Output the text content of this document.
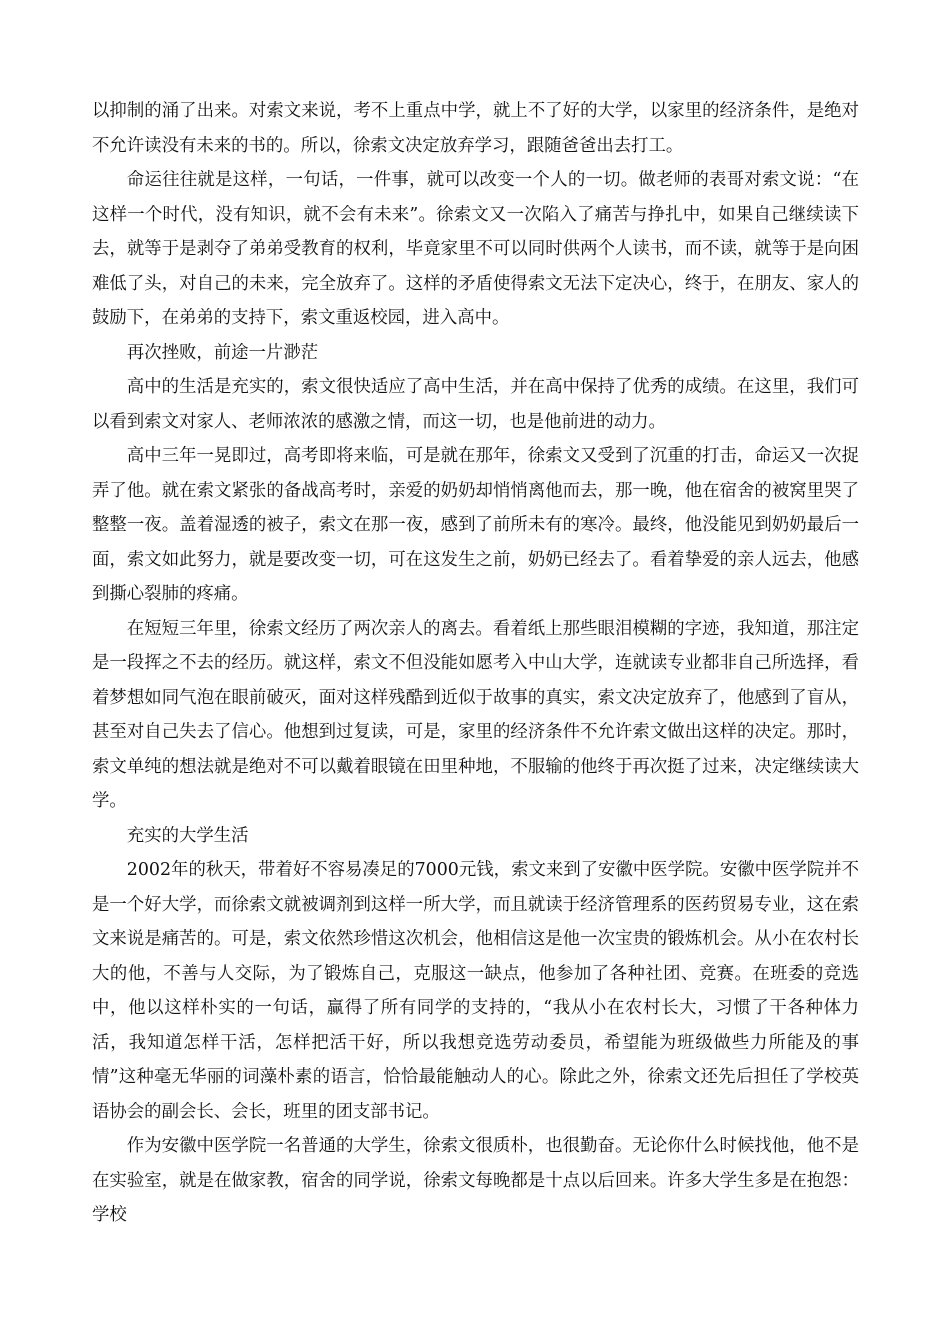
以抑制的涌了出来。对索文来说，考不上重点中学，就上不了好的大学，以家里的经济条件，是绝对不允许读没有未来的书的。所以，徐索文决定放弃学习，跟随爸爸出去打工。

命运往往就是这样，一句话，一件事，就可以改变一个人的一切。做老师的表哥对索文说：“在这样一个时代，没有知识，就不会有未来”。徐索文又一次陷入了痛苦与挣扎中，如果自己继续读下去，就等于是剥夺了弟弟受教育的权利，毕竟家里不可以同时供两个人读书，而不读，就等于是向困难低了头，对自己的未来，完全放弃了。这样的矛盾使得索文无法下定决心，终于，在朋友、家人的鼓励下，在弟弟的支持下，索文重返校园，进入高中。

再次挫败，前途一片渺茫

高中的生活是充实的，索文很快适应了高中生活，并在高中保持了优秀的成绩。在这里，我们可以看到索文对家人、老师浓浓的感激之情，而这一切，也是他前进的动力。

高中三年一晃即过，高考即将来临，可是就在那年，徐索文又受到了沉重的打击，命运又一次捉弄了他。就在索文紧张的备战高考时，亲爱的奶奶却悄悄离他而去，那一晚，他在宿舍的被窝里哭了整整一夜。盖着湿透的被子，索文在那一夜，感到了前所未有的寒冷。最终，他没能见到奶奶最后一面，索文如此努力，就是要改变一切，可在这发生之前，奶奶已经去了。看着挚爱的亲人远去，他感到撕心裂肺的疼痛。

在短短三年里，徐索文经历了两次亲人的离去。看着纸上那些眼泪模糊的字迹，我知道，那注定是一段挥之不去的经历。就这样，索文不但没能如愿考入中山大学，连就读专业都非自己所选择，看着梦想如同气泡在眼前破灭，面对这样残酷到近似于故事的真实，索文决定放弃了，他感到了盲从，甚至对自己失去了信心。他想到过复读，可是，家里的经济条件不允许索文做出这样的决定。那时，索文单纯的想法就是绝对不可以戴着眼镜在田里种地，不服输的他终于再次挺了过来，决定继续读大学。

充实的大学生活

2002年的秋天，带着好不容易凑足的7000元钱，索文来到了安徽中医学院。安徽中医学院并不是一个好大学，而徐索文就被调剂到这样一所大学，而且就读于经济管理系的医药贸易专业，这在索文来说是痛苦的。可是，索文依然珍惜这次机会，他相信这是他一次宝贵的锻炼机会。从小在农村长大的他，不善与人交际，为了锻炼自己，克服这一缺点，他参加了各种社团、竞赛。在班委的竞选中，他以这样朴实的一句话，赢得了所有同学的支持的，“我从小在农村长大，习惯了干各种体力活，我知道怎样干活，怎样把活干好，所以我想竞选劳动委员，希望能为班级做些力所能及的事情”这种毫无华丽的词藻朴素的语言，恰恰最能触动人的心。除此之外，徐索文还先后担任了学校英语协会的副会长、会长，班里的团支部书记。

作为安徽中医学院一名普通的大学生，徐索文很质朴，也很勤奋。无论你什么时候找他，他不是在实验室，就是在做家教，宿舍的同学说，徐索文每晚都是十点以后回来。许多大学生多是在抱怨：学校
